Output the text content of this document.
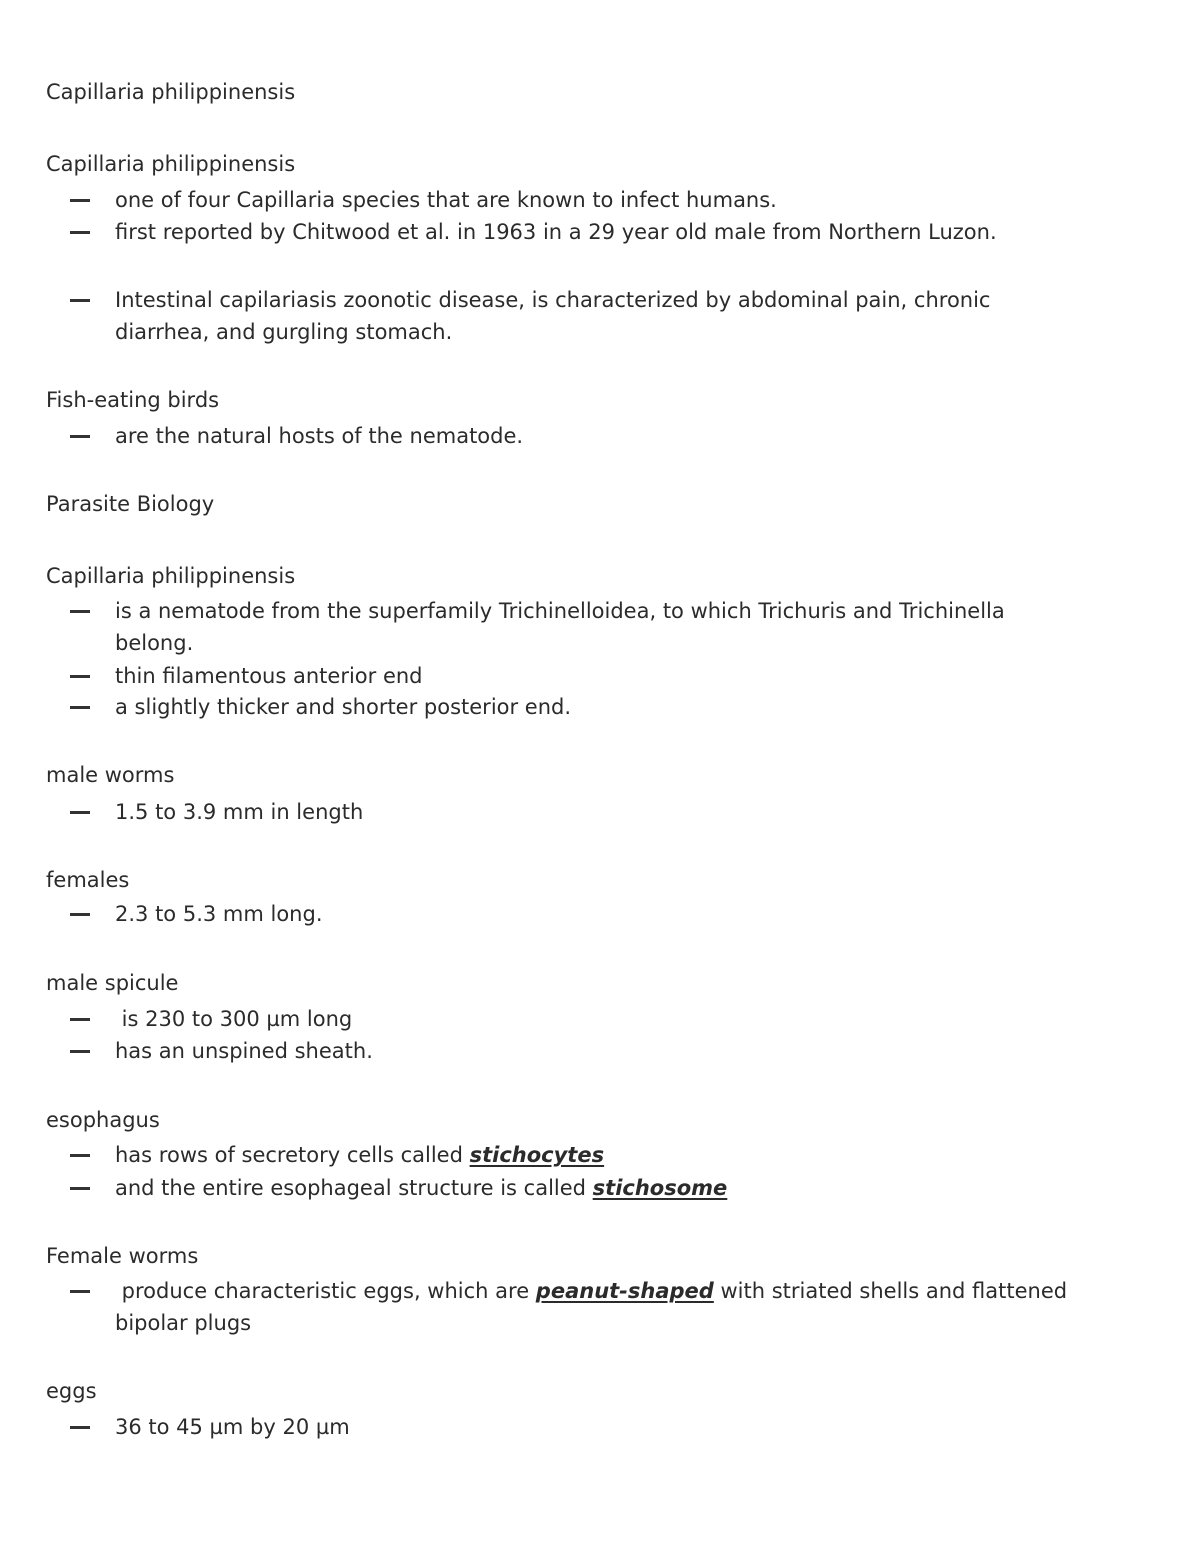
Capillaria philippinensis
Capillaria philippinensis
one of four Capillaria species that are known to infect humans.
first reported by Chitwood et al. in 1963 in a 29 year old male from Northern Luzon.
Intestinal capilariasis zoonotic disease, is characterized by abdominal pain, chronic
diarrhea, and gurgling stomach.
Fish-eating birds
are the natural hosts of the nematode.
Parasite Biology
Capillaria philippinensis
is a nematode from the superfamily Trichinelloidea, to which Trichuris and Trichinella
belong.
thin filamentous anterior end
a slightly thicker and shorter posterior end.
male worms
1.5 to 3.9 mm in length
females
2.3 to 5.3 mm long.
male spicule
is 230 to 300 µm long
has an unspined sheath.
esophagus
has rows of secretory cells called stichocytes
and the entire esophageal structure is called stichosome
Female worms
produce characteristic eggs, which are peanut-shaped with striated shells and flattened
bipolar plugs
eggs
36 to 45 µm by 20 µm
